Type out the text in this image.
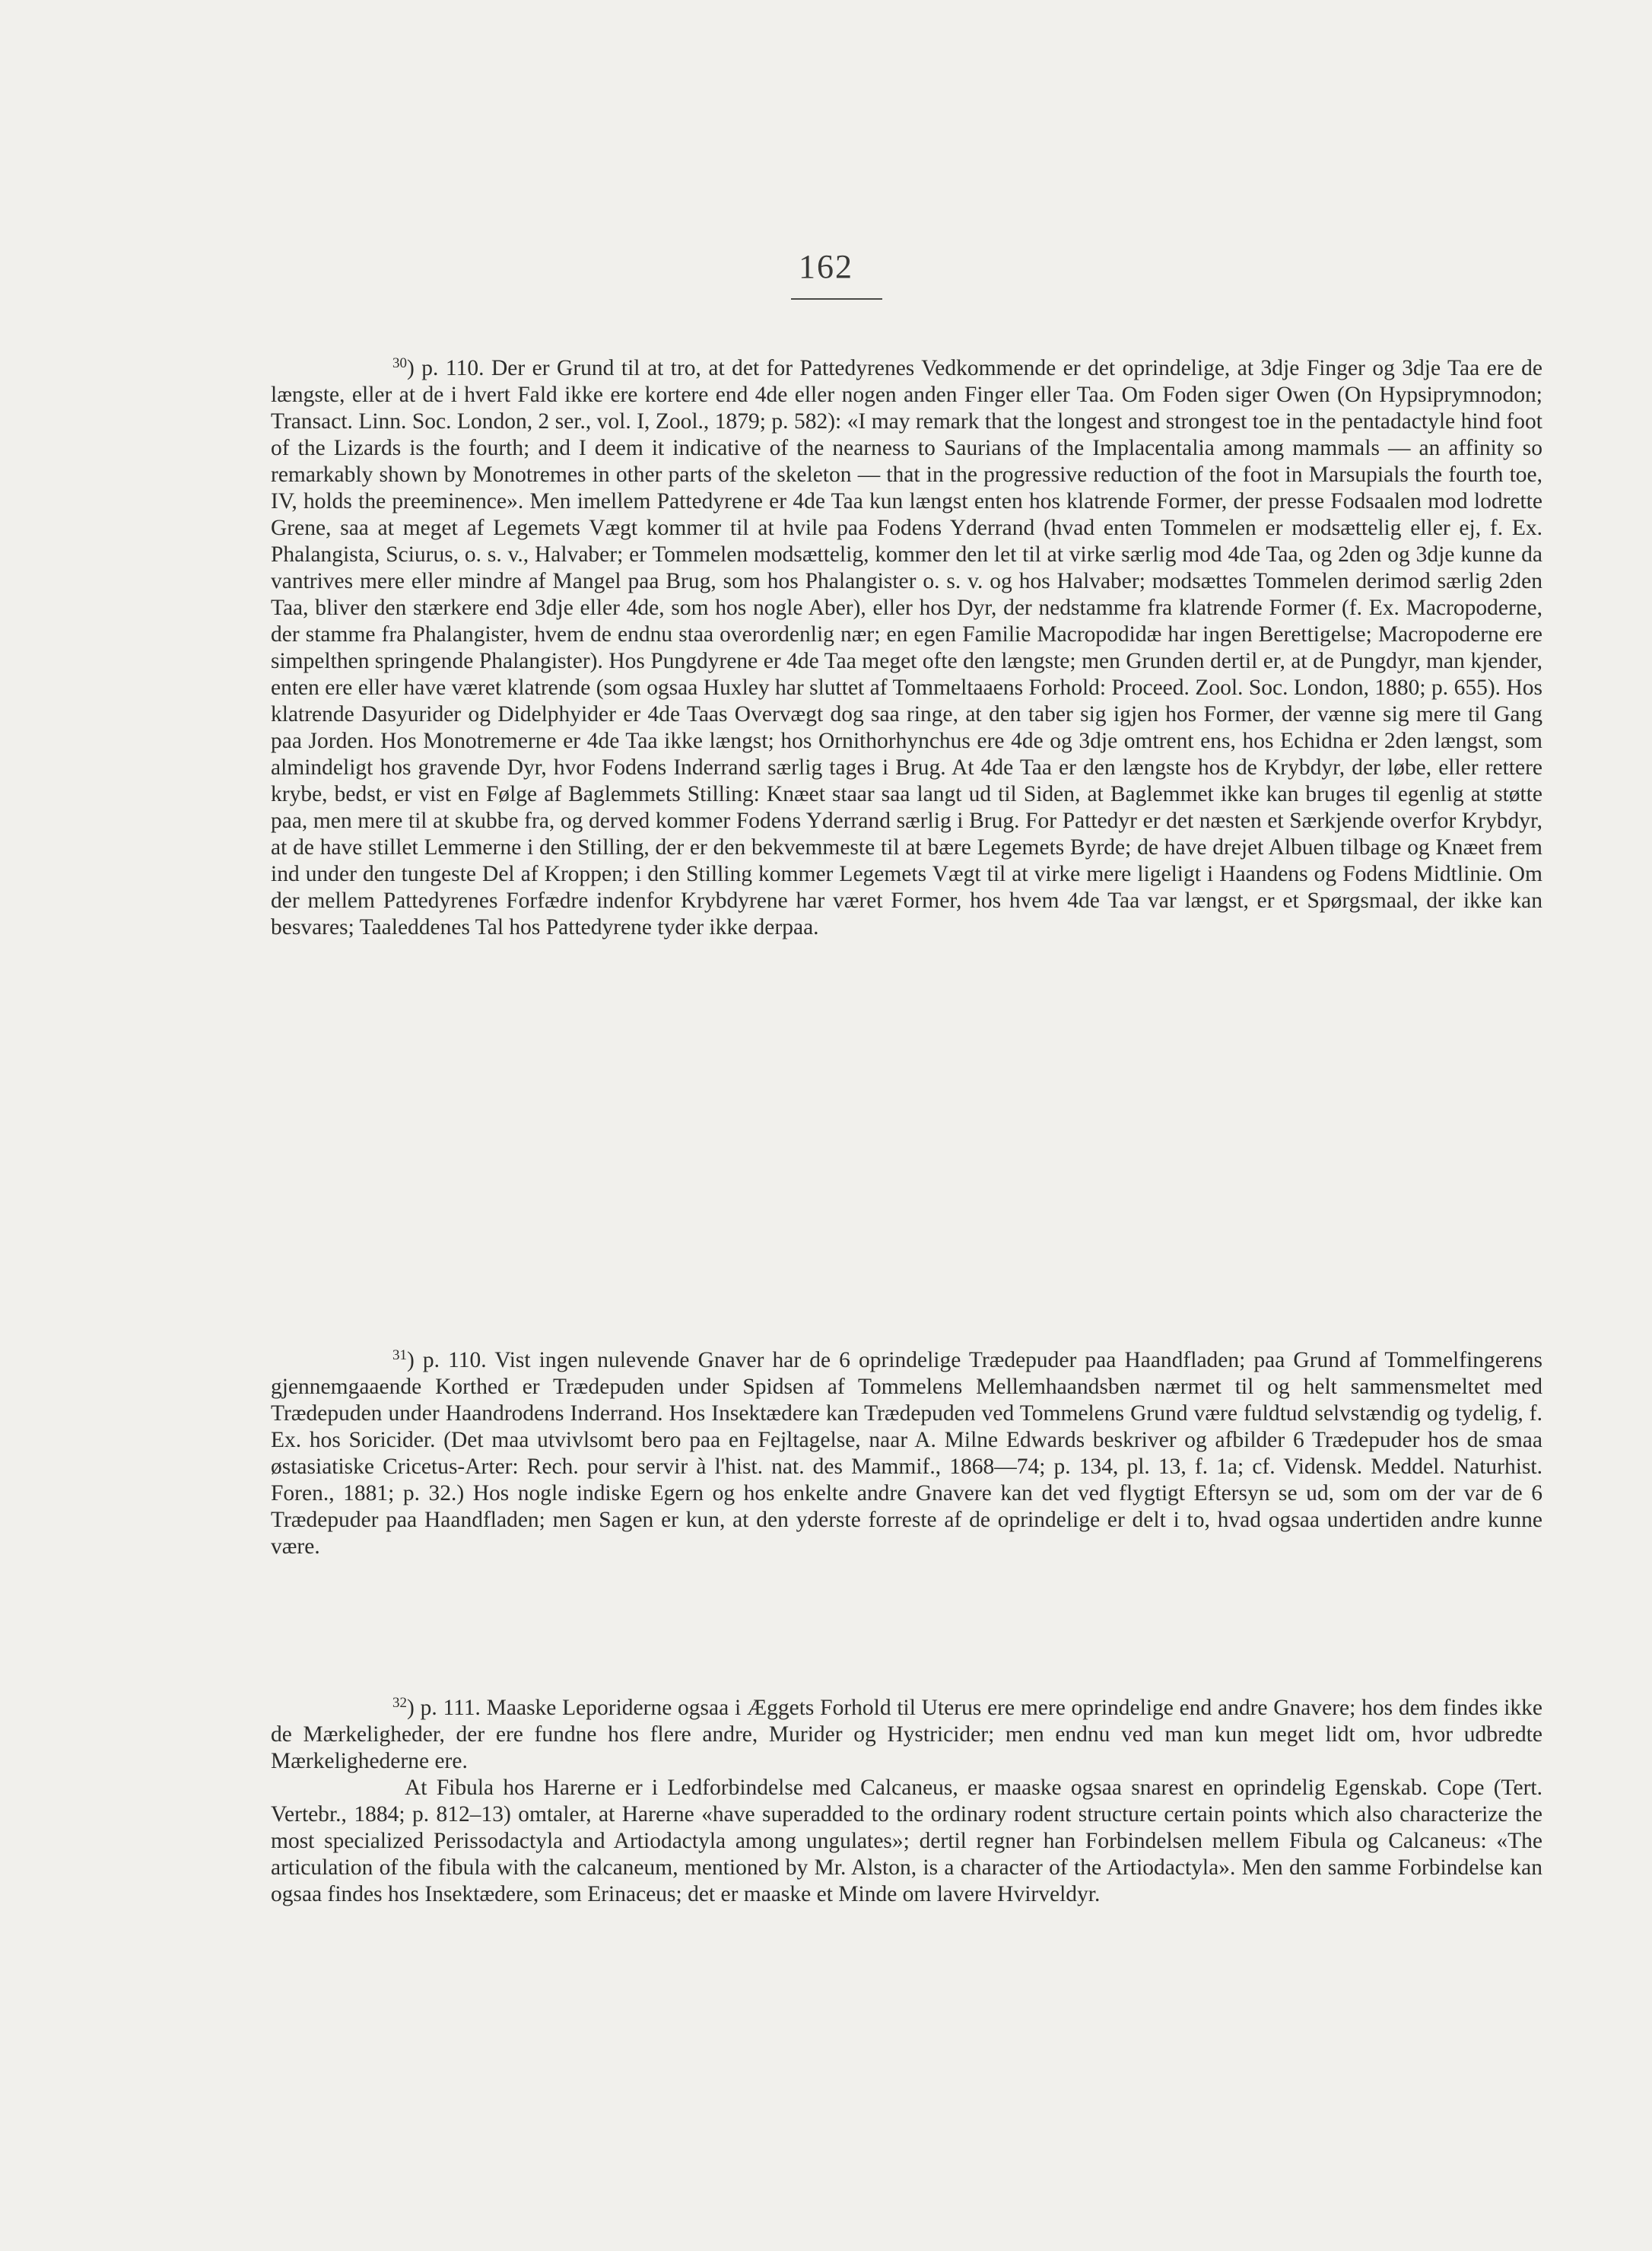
162

$^{30}$) p. 110. Der er Grund til at tro, at det for Pattedyrenes Vedkommende er det oprindelige, at 3dje Finger og 3dje Taa ere de længste, eller at de i hvert Fald ikke ere kortere end 4de eller nogen anden Finger eller Taa. Om Foden siger Owen (On Hypsiprymnodon; Transact. Linn. Soc. London, 2 ser., vol. I, Zool., 1879; p. 582): «I may remark that the longest and strongest toe in the pentadactyle hind foot of the Lizards is the fourth; and I deem it indicative of the nearness to Saurians of the Implacentalia among mammals — an affinity so remarkably shown by Monotremes in other parts of the skeleton — that in the progressive reduction of the foot in Marsupials the fourth toe, IV, holds the preeminence». Men imellem Pattedyrene er 4de Taa kun længst enten hos klatrende Former, der presse Fodsaalen mod lodrette Grene, saa at meget af Legemets Vægt kommer til at hvile paa Fodens Yderrand (hvad enten Tommelen er modsættelig eller ej, f. Ex. Phalangista, Sciurus, o. s. v., Halvaber; er Tommelen modsættelig, kommer den let til at virke særlig mod 4de Taa, og 2den og 3dje kunne da vantrives mere eller mindre af Mangel paa Brug, som hos Phalangister o. s. v. og hos Halvaber; modsættes Tommelen derimod særlig 2den Taa, bliver den stærkere end 3dje eller 4de, som hos nogle Aber), eller hos Dyr, der nedstamme fra klatrende Former (f. Ex. Macropoderne, der stamme fra Phalangister, hvem de endnu staa overordenlig nær; en egen Familie Macropodidæ har ingen Berettigelse; Macropoderne ere simpelthen springende Phalangister). Hos Pungdyrene er 4de Taa meget ofte den længste; men Grunden dertil er, at de Pungdyr, man kjender, enten ere eller have været klatrende (som ogsaa Huxley har sluttet af Tommeltaaens Forhold: Proceed. Zool. Soc. London, 1880; p. 655). Hos klatrende Dasyurider og Didelphyider er 4de Taas Overvægt dog saa ringe, at den taber sig igjen hos Former, der vænne sig mere til Gang paa Jorden. Hos Monotremerne er 4de Taa ikke længst; hos Ornithorhynchus ere 4de og 3dje omtrent ens, hos Echidna er 2den længst, som almindeligt hos gravende Dyr, hvor Fodens Inderrand særlig tages i Brug. At 4de Taa er den længste hos de Krybdyr, der løbe, eller rettere krybe, bedst, er vist en Følge af Baglemmets Stilling: Knæet staar saa langt ud til Siden, at Baglemmet ikke kan bruges til egenlig at støtte paa, men mere til at skubbe fra, og derved kommer Fodens Yderrand særlig i Brug. For Pattedyr er det næsten et Særkjende overfor Krybdyr, at de have stillet Lemmerne i den Stilling, der er den bekvemmeste til at bære Legemets Byrde; de have drejet Albuen tilbage og Knæet frem ind under den tungeste Del af Kroppen; i den Stilling kommer Legemets Vægt til at virke mere ligeligt i Haandens og Fodens Midtlinie. Om der mellem Pattedyrenes Forfædre indenfor Krybdyrene har været Former, hos hvem 4de Taa var længst, er et Spørgsmaal, der ikke kan besvares; Taaleddenes Tal hos Pattedyrene tyder ikke derpaa.

$^{31}$) p. 110. Vist ingen nulevende Gnaver har de 6 oprindelige Trædepuder paa Haandfladen; paa Grund af Tommelfingerens gjennemgaaende Korthed er Trædepuden under Spidsen af Tommelens Mellemhaandsben nærmet til og helt sammensmeltet med Trædepuden under Haandrodens Inderrand. Hos Insektædere kan Trædepuden ved Tommelens Grund være fuldtud selvstændig og tydelig, f. Ex. hos Soricider. (Det maa utvivlsomt bero paa en Fejltagelse, naar A. Milne Edwards beskriver og afbilder 6 Trædepuder hos de smaa østasiatiske Cricetus-Arter: Rech. pour servir à l'hist. nat. des Mammif., 1868—74; p. 134, pl. 13, f. 1a; cf. Vidensk. Meddel. Naturhist. Foren., 1881; p. 32.) Hos nogle indiske Egern og hos enkelte andre Gnavere kan det ved flygtigt Eftersyn se ud, som om der var de 6 Trædepuder paa Haandfladen; men Sagen er kun, at den yderste forreste af de oprindelige er delt i to, hvad ogsaa undertiden andre kunne være.

$^{32}$) p. 111. Maaske Leporiderne ogsaa i Æggets Forhold til Uterus ere mere oprindelige end andre Gnavere; hos dem findes ikke de Mærkeligheder, der ere fundne hos flere andre, Murider og Hystricider; men endnu ved man kun meget lidt om, hvor udbredte Mærkelighederne ere.

At Fibula hos Harerne er i Ledforbindelse med Calcaneus, er maaske ogsaa snarest en oprindelig Egenskab. Cope (Tert. Vertebr., 1884; p. 812–13) omtaler, at Harerne «have superadded to the ordinary rodent structure certain points which also characterize the most specialized Perissodactyla and Artiodactyla among ungulates»; dertil regner han Forbindelsen mellem Fibula og Calcaneus: «The articulation of the fibula with the calcaneum, mentioned by Mr. Alston, is a character of the Artiodactyla». Men den samme Forbindelse kan ogsaa findes hos Insektædere, som Erinaceus; det er maaske et Minde om lavere Hvirveldyr.
